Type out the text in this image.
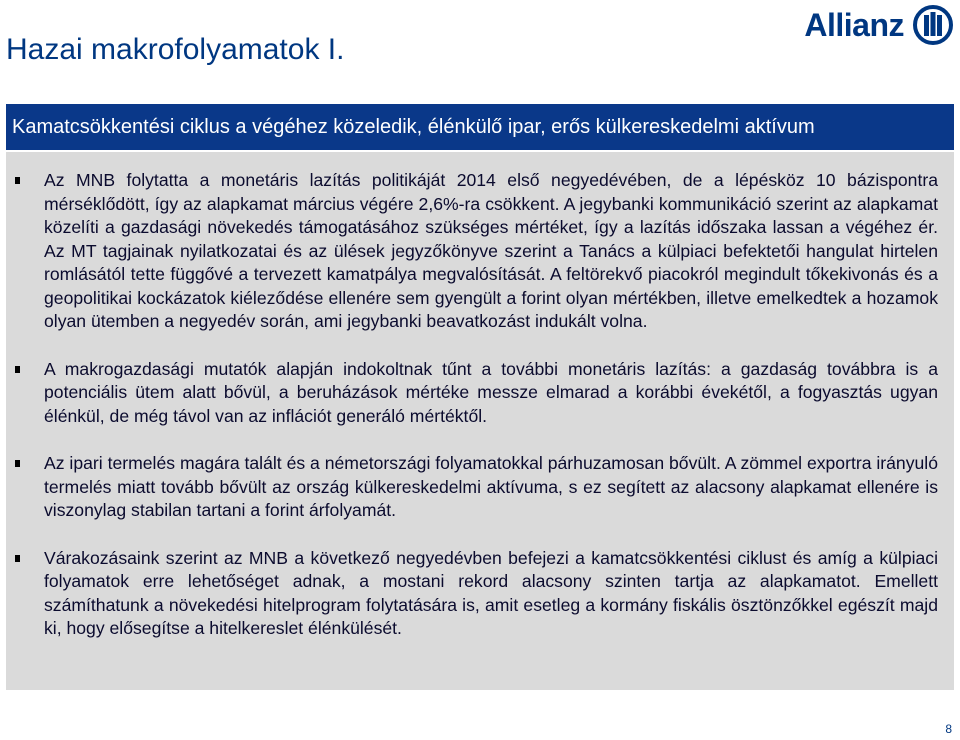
Hazai makrofolyamatok I.
Allianz
Kamatcsökkentési ciklus a végéhez közeledik, élénkülő ipar, erős külkereskedelmi aktívum
Az MNB folytatta a monetáris lazítás politikáját 2014 első negyedévében, de a lépésköz 10 bázispontra mérséklődött, így az alapkamat március végére 2,6%-ra csökkent. A jegybanki kommunikáció szerint az alapkamat közelíti a gazdasági növekedés támogatásához szükséges mértéket, így a lazítás időszaka lassan a végéhez ér. Az MT tagjainak nyilatkozatai és az ülések jegyzőkönyve szerint a Tanács a külpiaci befektetői hangulat hirtelen romlásától tette függővé a tervezett kamatpálya megvalósítását. A feltörekvő piacokról megindult tőkekivonás és a geopolitikai kockázatok kiéleződése ellenére sem gyengült a forint olyan mértékben, illetve emelkedtek a hozamok olyan ütemben a negyedév során, ami jegybanki beavatkozást indukált volna.
A makrogazdasági mutatók alapján indokoltnak tűnt a további monetáris lazítás: a gazdaság továbbra is a potenciális ütem alatt bővül, a beruházások mértéke messze elmarad a korábbi évekétől, a fogyasztás ugyan élénkül, de még távol van az inflációt generáló mértéktől.
Az ipari termelés magára talált és a németországi folyamatokkal párhuzamosan bővült. A zömmel exportra irányuló termelés miatt tovább bővült az ország külkereskedelmi aktívuma, s ez segített az alacsony alapkamat ellenére is viszonylag stabilan tartani a forint árfolyamát.
Várakozásaink szerint az MNB a következő negyedévben befejezi a kamatcsökkentési ciklust és amíg a külpiaci folyamatok erre lehetőséget adnak, a mostani rekord alacsony szinten tartja az alapkamatot. Emellett számíthatunk a növekedési hitelprogram folytatására is, amit esetleg a kormány fiskális ösztönzőkkel egészít majd ki, hogy elősegítse a hitelkereslet élénkülését.
8
